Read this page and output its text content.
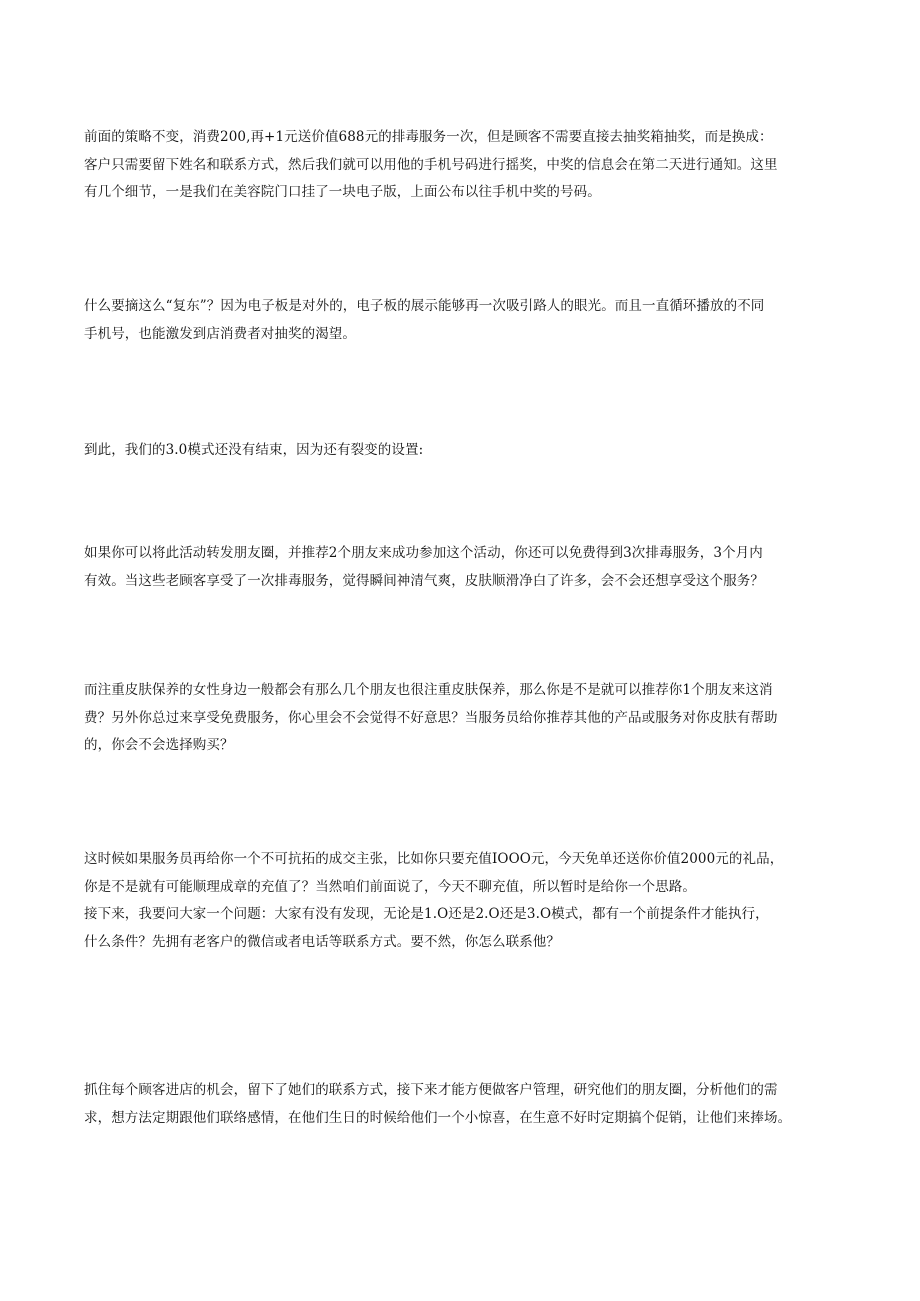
前面的策略不变，消费200,再+1元送价值688元的排毒服务一次，但是顾客不需要直接去抽奖箱抽奖，而是换成：
客户只需要留下姓名和联系方式，然后我们就可以用他的手机号码进行摇奖，中奖的信息会在第二天进行通知。这里
有几个细节，一是我们在美容院门口挂了一块电子版，上面公布以往手机中奖的号码。

什么要摘这么“复东”？因为电子板是对外的，电子板的展示能够再一次吸引路人的眼光。而且一直循环播放的不同
手机号，也能激发到店消费者对抽奖的渴望。

到此，我们的3.0模式还没有结束，因为还有裂变的设置:

如果你可以将此活动转发朋友圈，并推荐2个朋友来成功参加这个活动，你还可以免费得到3次排毒服务，3个月内
有效。当这些老顾客享受了一次排毒服务，觉得瞬间神清气爽，皮肤顺滑净白了许多，会不会还想享受这个服务？

而注重皮肤保养的女性身边一般都会有那么几个朋友也很注重皮肤保养，那么你是不是就可以推荐你1个朋友来这消
费？另外你总过来享受免费服务，你心里会不会觉得不好意思？当服务员给你推荐其他的产品或服务对你皮肤有帮助
的，你会不会选择购买？

这时候如果服务员再给你一个不可抗拓的成交主张，比如你只要充值IOOO元，今天免单还送你价值2000元的礼品，
你是不是就有可能顺理成章的充值了？当然咱们前面说了，今天不聊充值，所以暂时是给你一个思路。
接下来，我要问大家一个问题：大家有没有发现，无论是1.O还是2.O还是3.O模式，都有一个前提条件才能执行，
什么条件？先拥有老客户的微信或者电话等联系方式。要不然，你怎么联系他？

抓住每个顾客进店的机会，留下了她们的联系方式，接下来才能方便做客户管理，研究他们的朋友圈，分析他们的需
求，想方法定期跟他们联络感情，在他们生日的时候给他们一个小惊喜，在生意不好时定期搞个促销，让他们来捧场。
